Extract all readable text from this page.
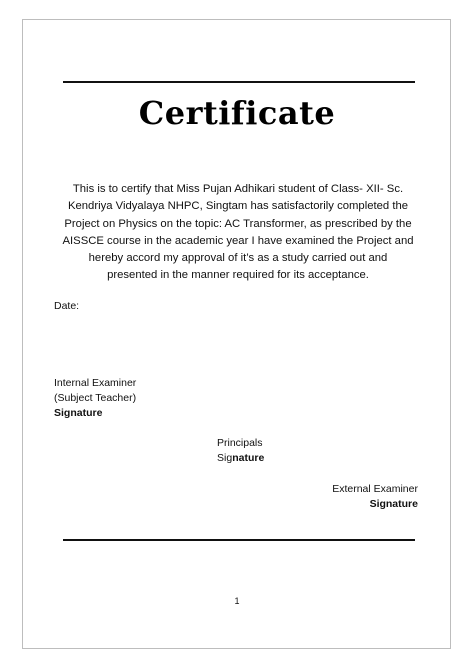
Certificate
This is to certify that Miss Pujan Adhikari student of Class- XII- Sc.
Kendriya Vidyalaya NHPC, Singtam has satisfactorily completed the
Project on Physics on the topic: AC Transformer, as prescribed by the
AISSCE course in the academic year I have examined the Project and
hereby accord my approval of it’s as a study carried out and
presented in the manner required for its acceptance.
Date:
Internal Examiner
(Subject Teacher)
Signature
Principals
Signature
External Examiner
Signature
1
